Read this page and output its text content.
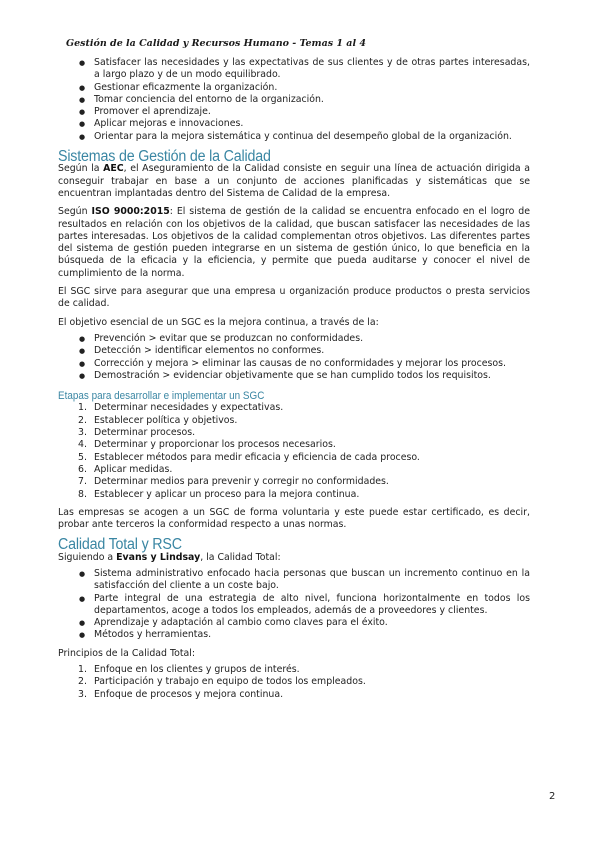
Gestión de la Calidad y Recursos Humano - Temas 1 al 4
● Satisfacer las necesidades y las expectativas de sus clientes y de otras partes interesadas, a largo plazo y de un modo equilibrado.
● Gestionar eficazmente la organización.
● Tomar conciencia del entorno de la organización.
● Promover el aprendizaje.
● Aplicar mejoras e innovaciones.
● Orientar para la mejora sistemática y continua del desempeño global de la organización.
Sistemas de Gestión de la Calidad

Según la AEC, el Aseguramiento de la Calidad consiste en seguir una línea de actuación dirigida a conseguir trabajar en base a un conjunto de acciones planificadas y sistemáticas que se encuentran implantadas dentro del Sistema de Calidad de la empresa.

Según ISO 9000:2015: El sistema de gestión de la calidad se encuentra enfocado en el logro de resultados en relación con los objetivos de la calidad, que buscan satisfacer las necesidades de las partes interesadas. Los objetivos de la calidad complementan otros objetivos. Las diferentes partes del sistema de gestión pueden integrarse en un sistema de gestión único, lo que beneficia en la búsqueda de la eficacia y la eficiencia, y permite que pueda auditarse y conocer el nivel de cumplimiento de la norma.

El SGC sirve para asegurar que una empresa u organización produce productos o presta servicios de calidad.

El objetivo esencial de un SGC es la mejora continua, a través de la:

● Prevención > evitar que se produzcan no conformidades.
● Detección > identificar elementos no conformes.
● Corrección y mejora > eliminar las causas de no conformidades y mejorar los procesos.
● Demostración > evidenciar objetivamente que se han cumplido todos los requisitos.
Etapas para desarrollar e implementar un SGC
1. Determinar necesidades y expectativas.
2. Establecer política y objetivos.
3. Determinar procesos.
4. Determinar y proporcionar los procesos necesarios.
5. Establecer métodos para medir eficacia y eficiencia de cada proceso.
6. Aplicar medidas.
7. Determinar medios para prevenir y corregir no conformidades.
8. Establecer y aplicar un proceso para la mejora continua.

Las empresas se acogen a un SGC de forma voluntaria y este puede estar certificado, es decir, probar ante terceros la conformidad respecto a unas normas.

Calidad Total y RSC

Siguiendo a Evans y Lindsay, la Calidad Total:

● Sistema administrativo enfocado hacia personas que buscan un incremento continuo en la satisfacción del cliente a un coste bajo.
● Parte integral de una estrategia de alto nivel, funciona horizontalmente en todos los departamentos, acoge a todos los empleados, además de a proveedores y clientes.
● Aprendizaje y adaptación al cambio como claves para el éxito.
● Métodos y herramientas.

Principios de la Calidad Total:

1. Enfoque en los clientes y grupos de interés.
2. Participación y trabajo en equipo de todos los empleados.
3. Enfoque de procesos y mejora continua.
2
